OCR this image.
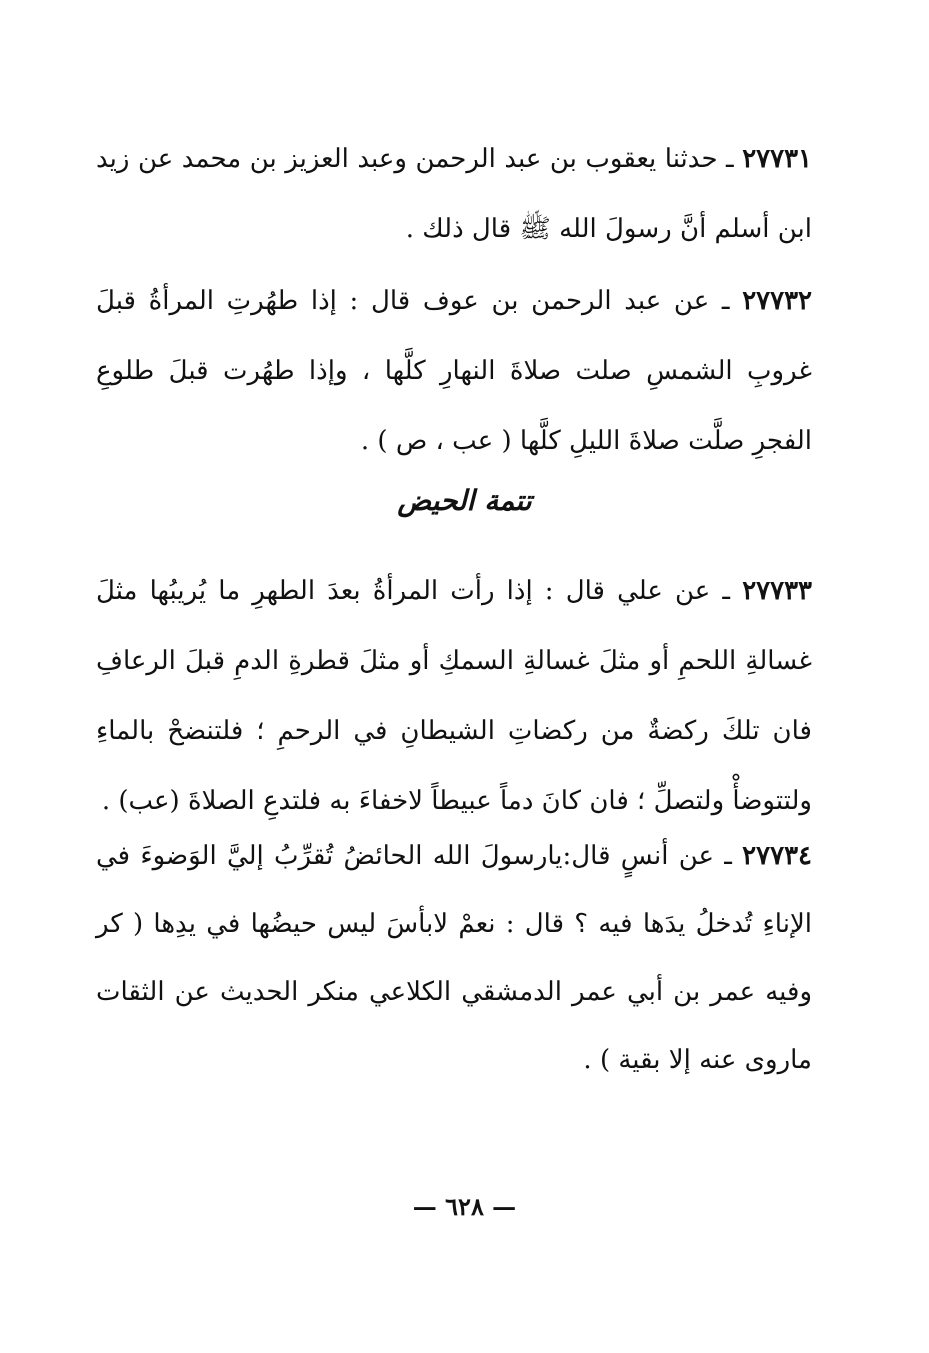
٢٧٧٣١ ـ حدثنا يعقوب بن عبد الرحمن وعبد العزيز بن محمد عن زيد ابن أسلم أنَّ رسولَ الله ﷺ قال ذلك .

٢٧٧٣٢ ـ عن عبد الرحمن بن عوف قال : إذا طهُرتِ المرأةُ قبلَ غروبِ الشمسِ صلت صلاةَ النهارِ كلَّها ، وإذا طهُرت قبلَ طلوعِ الفجرِ صلَّت صلاةَ الليلِ كلَّها ( عب ، ص ) .

تتمة الحيض

٢٧٧٣٣ ـ عن علي قال : إذا رأت المرأةُ بعدَ الطهرِ ما يُريبُها مثلَ غسالةِ اللحمِ أو مثلَ غسالةِ السمكِ أو مثلَ قطرةِ الدمِ قبلَ الرعافِ فان تلكَ ركضةٌ من ركضاتِ الشيطانِ في الرحمِ ؛ فلتنضحْ بالماءِ ولتتوضأْ ولتصلِّ ؛ فان كانَ دماً عبيطاً لاخفاءَ به فلتدعِ الصلاةَ (عب) .

٢٧٧٣٤ ـ عن أنسٍ قال:يارسولَ الله الحائضُ تُقرِّبُ إليَّ الوَضوءَ في الإناءِ تُدخلُ يدَها فيه ؟ قال : نعمْ لابأسَ ليس حيضُها في يدِها ( كر وفيه عمر بن أبي عمر الدمشقي الكلاعي منكر الحديث عن الثقات ماروى عنه إلا بقية ) .

— ٦٢٨ —
